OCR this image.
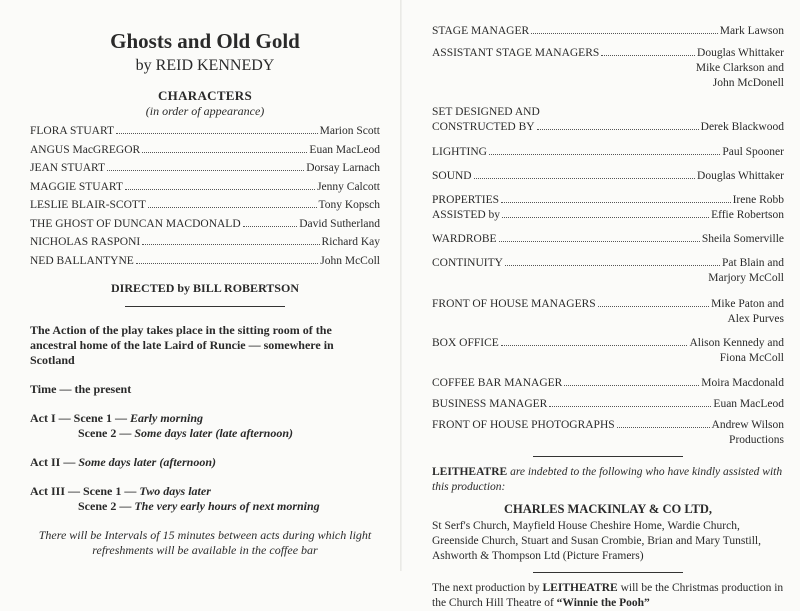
Ghosts and Old Gold
by REID KENNEDY
CHARACTERS
(in order of appearance)
FLORA STUART	Marion Scott
ANGUS MacGREGOR	Euan MacLeod
JEAN STUART	Dorsay Larnach
MAGGIE STUART	Jenny Calcott
LESLIE BLAIR-SCOTT	Tony Kopsch
THE GHOST OF DUNCAN MACDONALD	David Sutherland
NICHOLAS RASPONI	Richard Kay
NED BALLANTYNE	John McColl
DIRECTED by BILL ROBERTSON
The Action of the play takes place in the sitting room of the ancestral home of the late Laird of Runcie — somewhere in Scotland
Time — the present
Act I — Scene 1 — Early morning
Scene 2 — Some days later (late afternoon)
Act II — Some days later (afternoon)
Act III — Scene 1 — Two days later
Scene 2 — The very early hours of next morning
There will be Intervals of 15 minutes between acts during which light refreshments will be available in the coffee bar
STAGE MANAGER	Mark Lawson
ASSISTANT STAGE MANAGERS	Douglas Whittaker
Mike Clarkson and
John McDonell
SET DESIGNED AND
CONSTRUCTED BY	Derek Blackwood
LIGHTING	Paul Spooner
SOUND	Douglas Whittaker
PROPERTIES	Irene Robb
ASSISTED by	Effie Robertson
WARDROBE	Sheila Somerville
CONTINUITY	Pat Blain and
Marjory McColl
FRONT OF HOUSE MANAGERS	Mike Paton and
Alex Purves
BOX OFFICE	Alison Kennedy and
Fiona McColl
COFFEE BAR MANAGER	Moira Macdonald
BUSINESS MANAGER	Euan MacLeod
FRONT OF HOUSE PHOTOGRAPHS	Andrew Wilson
Productions
LEITHEATRE are indebted to the following who have kindly assisted with this production:
CHARLES MACKINLAY & CO LTD,
St Serf's Church, Mayfield House Cheshire Home, Wardie Church, Greenside Church, Stuart and Susan Crombie, Brian and Mary Tunstill, Ashworth & Thompson Ltd (Picture Framers)
The next production by LEITHEATRE will be the Christmas production in the Church Hill Theatre of “Winnie the Pooh”
